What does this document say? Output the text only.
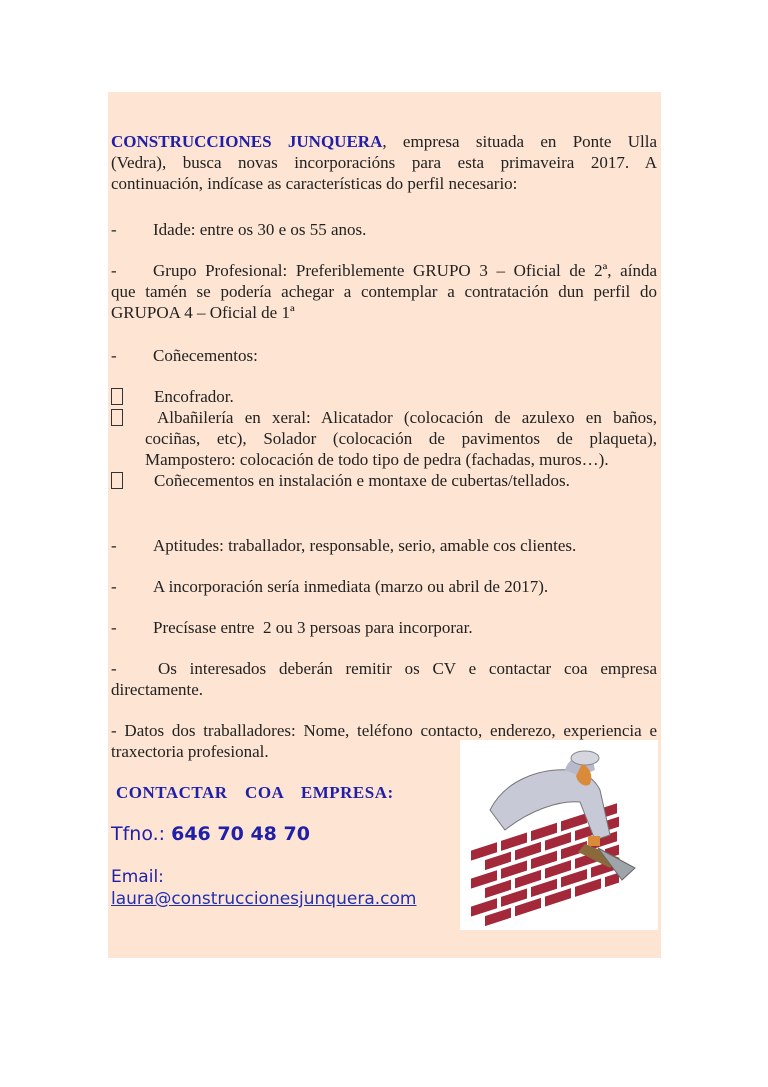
CONSTRUCCIONES JUNQUERA, empresa situada en Ponte Ulla
(Vedra), busca novas incorporacións para esta primaveira 2017. A
continuación, indícase as características do perfil necesario:
- Idade: entre os 30 e os 55 anos.
- Grupo Profesional: Preferiblemente GRUPO 3 – Oficial de 2ª, aínda
que tamén se podería achegar a contemplar a contratación dun perfil do
GRUPOA 4 – Oficial de 1ª
- Coñecementos:
Encofrador.
Albañilería en xeral: Alicatador (colocación de azulexo en baños,
cociñas, etc), Solador (colocación de pavimentos de plaqueta),
Mampostero: colocación de todo tipo de pedra (fachadas, muros…).
Coñecementos en instalación e montaxe de cubertas/tellados.
- Aptitudes: traballador, responsable, serio, amable cos clientes.
- A incorporación sería inmediata (marzo ou abril de 2017).
- Precísase entre  2 ou 3 persoas para incorporar.
- Os interesados deberán remitir os CV e contactar coa empresa
directamente.
- Datos dos traballadores: Nome, teléfono contacto, enderezo, experiencia e
traxectoria profesional.
CONTACTAR  COA  EMPRESA:
Tfno.: 646 70 48 70
Email:
laura@construccionesjunquera.com
